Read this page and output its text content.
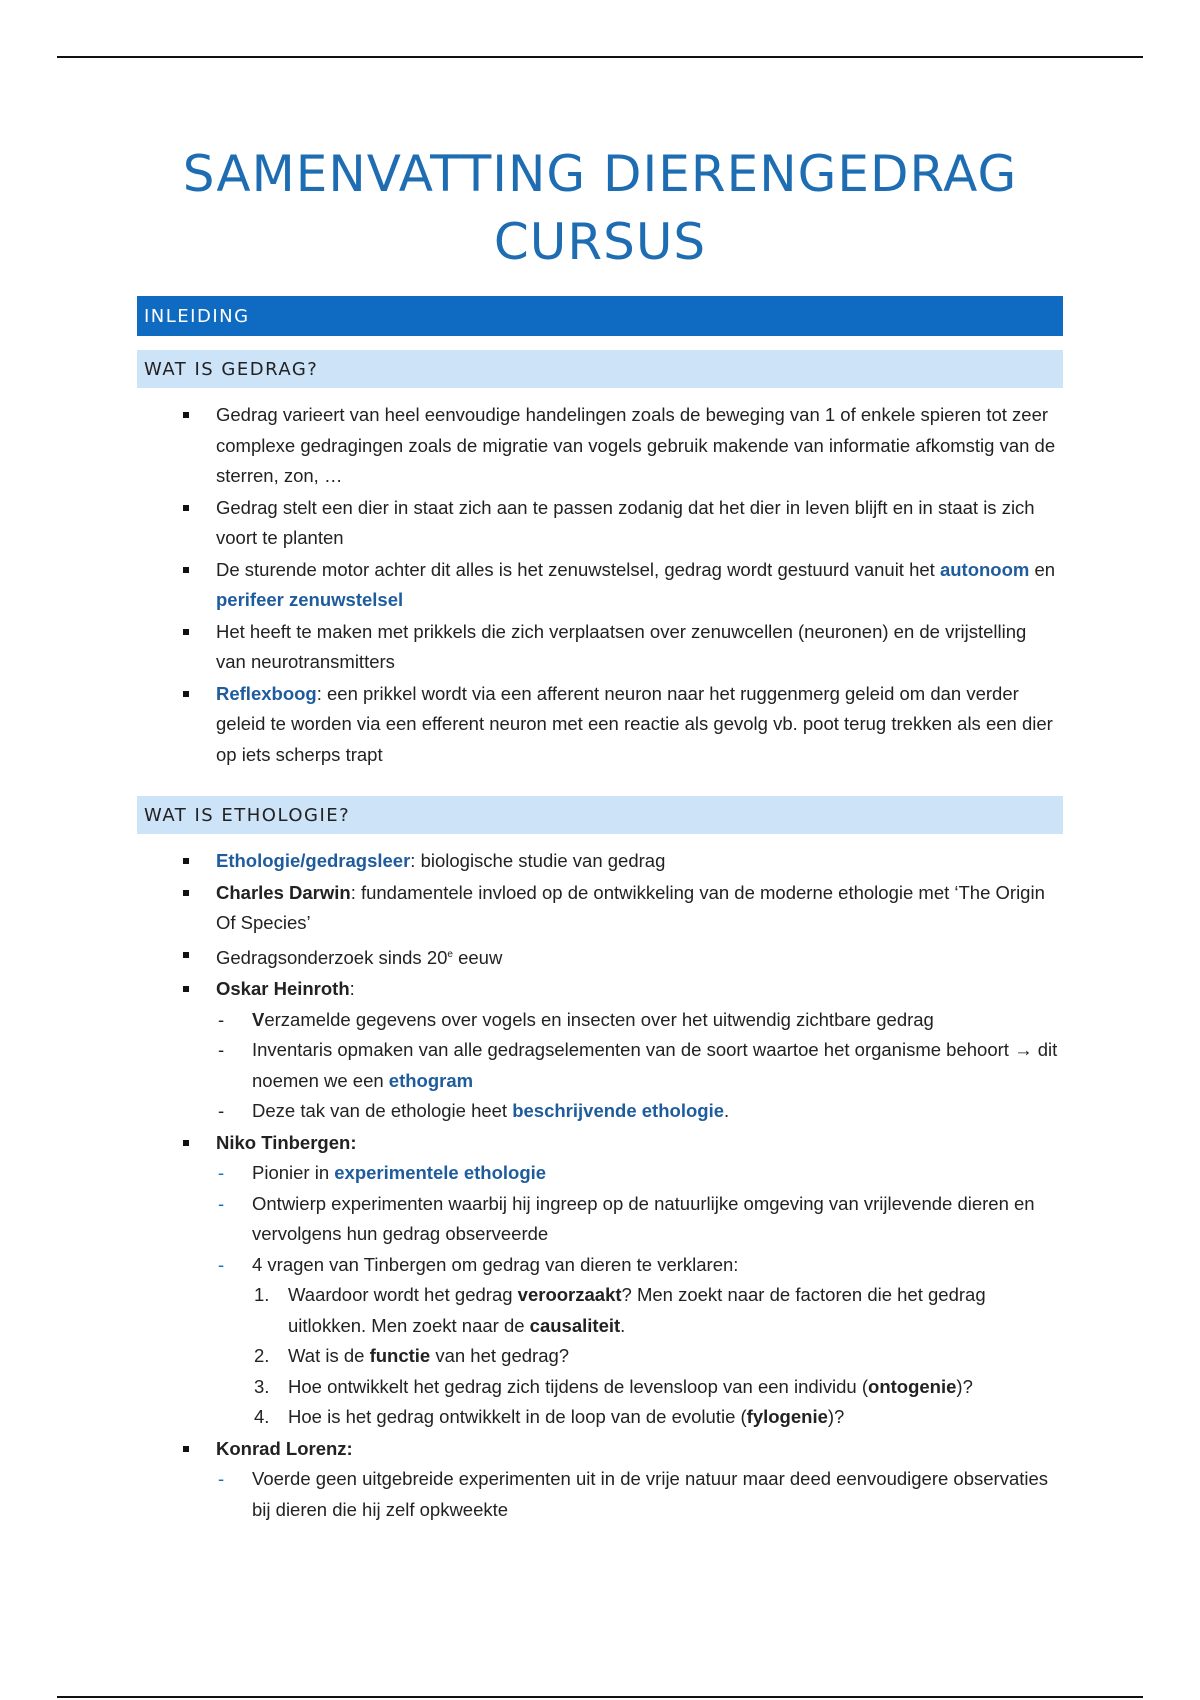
SAMENVATTING DIERENGEDRAG
CURSUS
INLEIDING
WAT IS GEDRAG?
Gedrag varieert van heel eenvoudige handelingen zoals de beweging van 1 of enkele spieren tot zeer complexe gedragingen zoals de migratie van vogels gebruik makende van informatie afkomstig van de sterren, zon, …
Gedrag stelt een dier in staat zich aan te passen zodanig dat het dier in leven blijft en in staat is zich voort te planten
De sturende motor achter dit alles is het zenuwstelsel, gedrag wordt gestuurd vanuit het autonoom en perifeer zenuwstelsel
Het heeft te maken met prikkels die zich verplaatsen over zenuwcellen (neuronen) en de vrijstelling van neurotransmitters
Reflexboog: een prikkel wordt via een afferent neuron naar het ruggenmerg geleid om dan verder geleid te worden via een efferent neuron met een reactie als gevolg vb. poot terug trekken als een dier op iets scherps trapt
WAT IS ETHOLOGIE?
Ethologie/gedragsleer: biologische studie van gedrag
Charles Darwin: fundamentele invloed op de ontwikkeling van de moderne ethologie met ‘The Origin Of Species’
Gedragsonderzoek sinds 20e eeuw
Oskar Heinroth:
- Verzamelde gegevens over vogels en insecten over het uitwendig zichtbare gedrag
- Inventaris opmaken van alle gedragselementen van de soort waartoe het organisme behoort → dit noemen we een ethogram
- Deze tak van de ethologie heet beschrijvende ethologie.
Niko Tinbergen:
- Pionier in experimentele ethologie
- Ontwierp experimenten waarbij hij ingreep op de natuurlijke omgeving van vrijlevende dieren en vervolgens hun gedrag observeerde
- 4 vragen van Tinbergen om gedrag van dieren te verklaren:
1. Waardoor wordt het gedrag veroorzaakt? Men zoekt naar de factoren die het gedrag uitlokken. Men zoekt naar de causaliteit.
2. Wat is de functie van het gedrag?
3. Hoe ontwikkelt het gedrag zich tijdens de levensloop van een individu (ontogenie)?
4. Hoe is het gedrag ontwikkelt in de loop van de evolutie (fylogenie)?
Konrad Lorenz:
- Voerde geen uitgebreide experimenten uit in de vrije natuur maar deed eenvoudigere observaties bij dieren die hij zelf opkweekte
